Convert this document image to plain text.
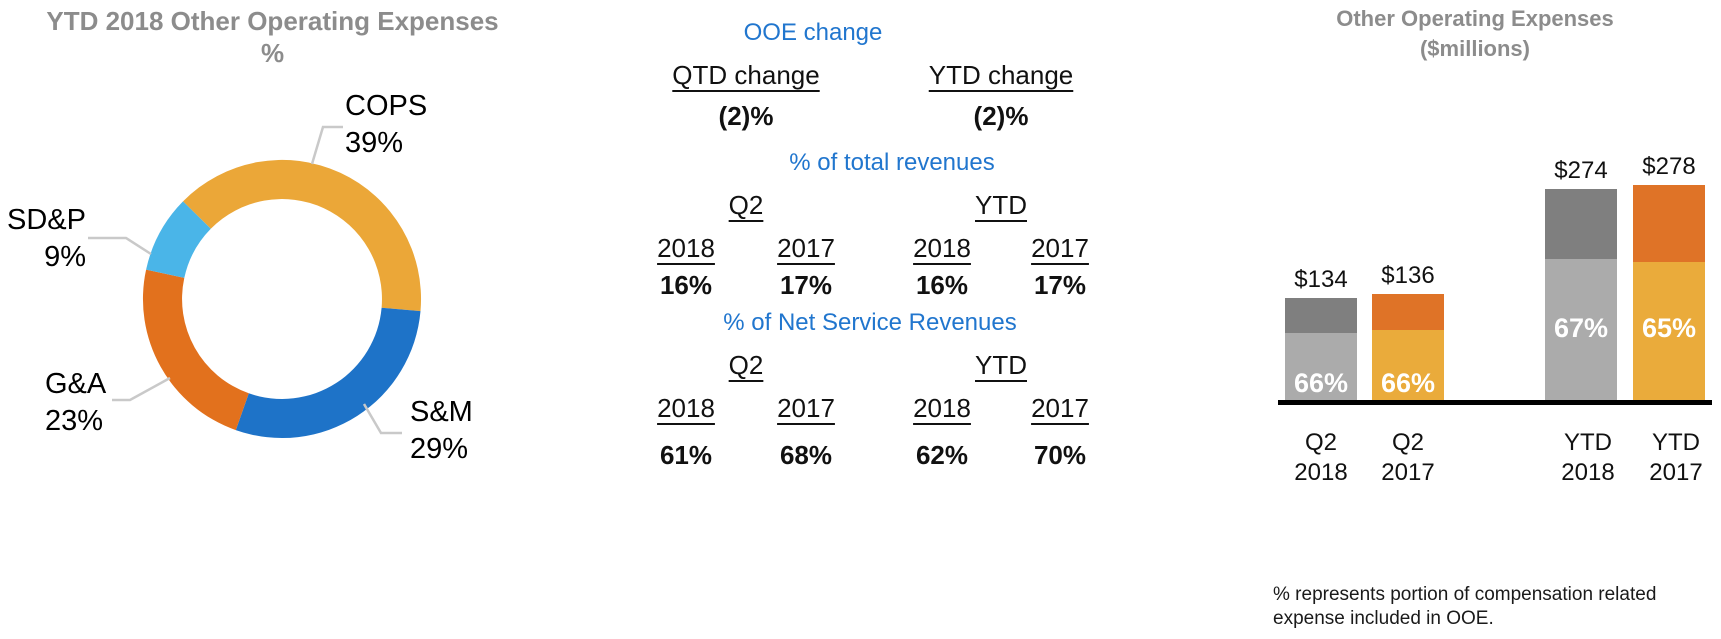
YTD 2018 Other Operating Expenses
%
COPS
39%
SD&P
9%
G&A
23%	S&M
29%
OOE change
QTD change	YTD change
(2)%	(2)%
% of total revenues
Q2	YTD
2018	2017	2018	2017
16%	17%	16%	17%
% of Net Service Revenues
Q2	YTD
2018	2017	2018	2017
61%	68%	62%	70%
Other Operating Expenses
($millions)
$134
66%
$136
66%
$274
67%
$278
65%
Q2
2018
Q2
2017
YTD
2018
YTD
2017
% represents portion of compensation related
expense included in OOE.
